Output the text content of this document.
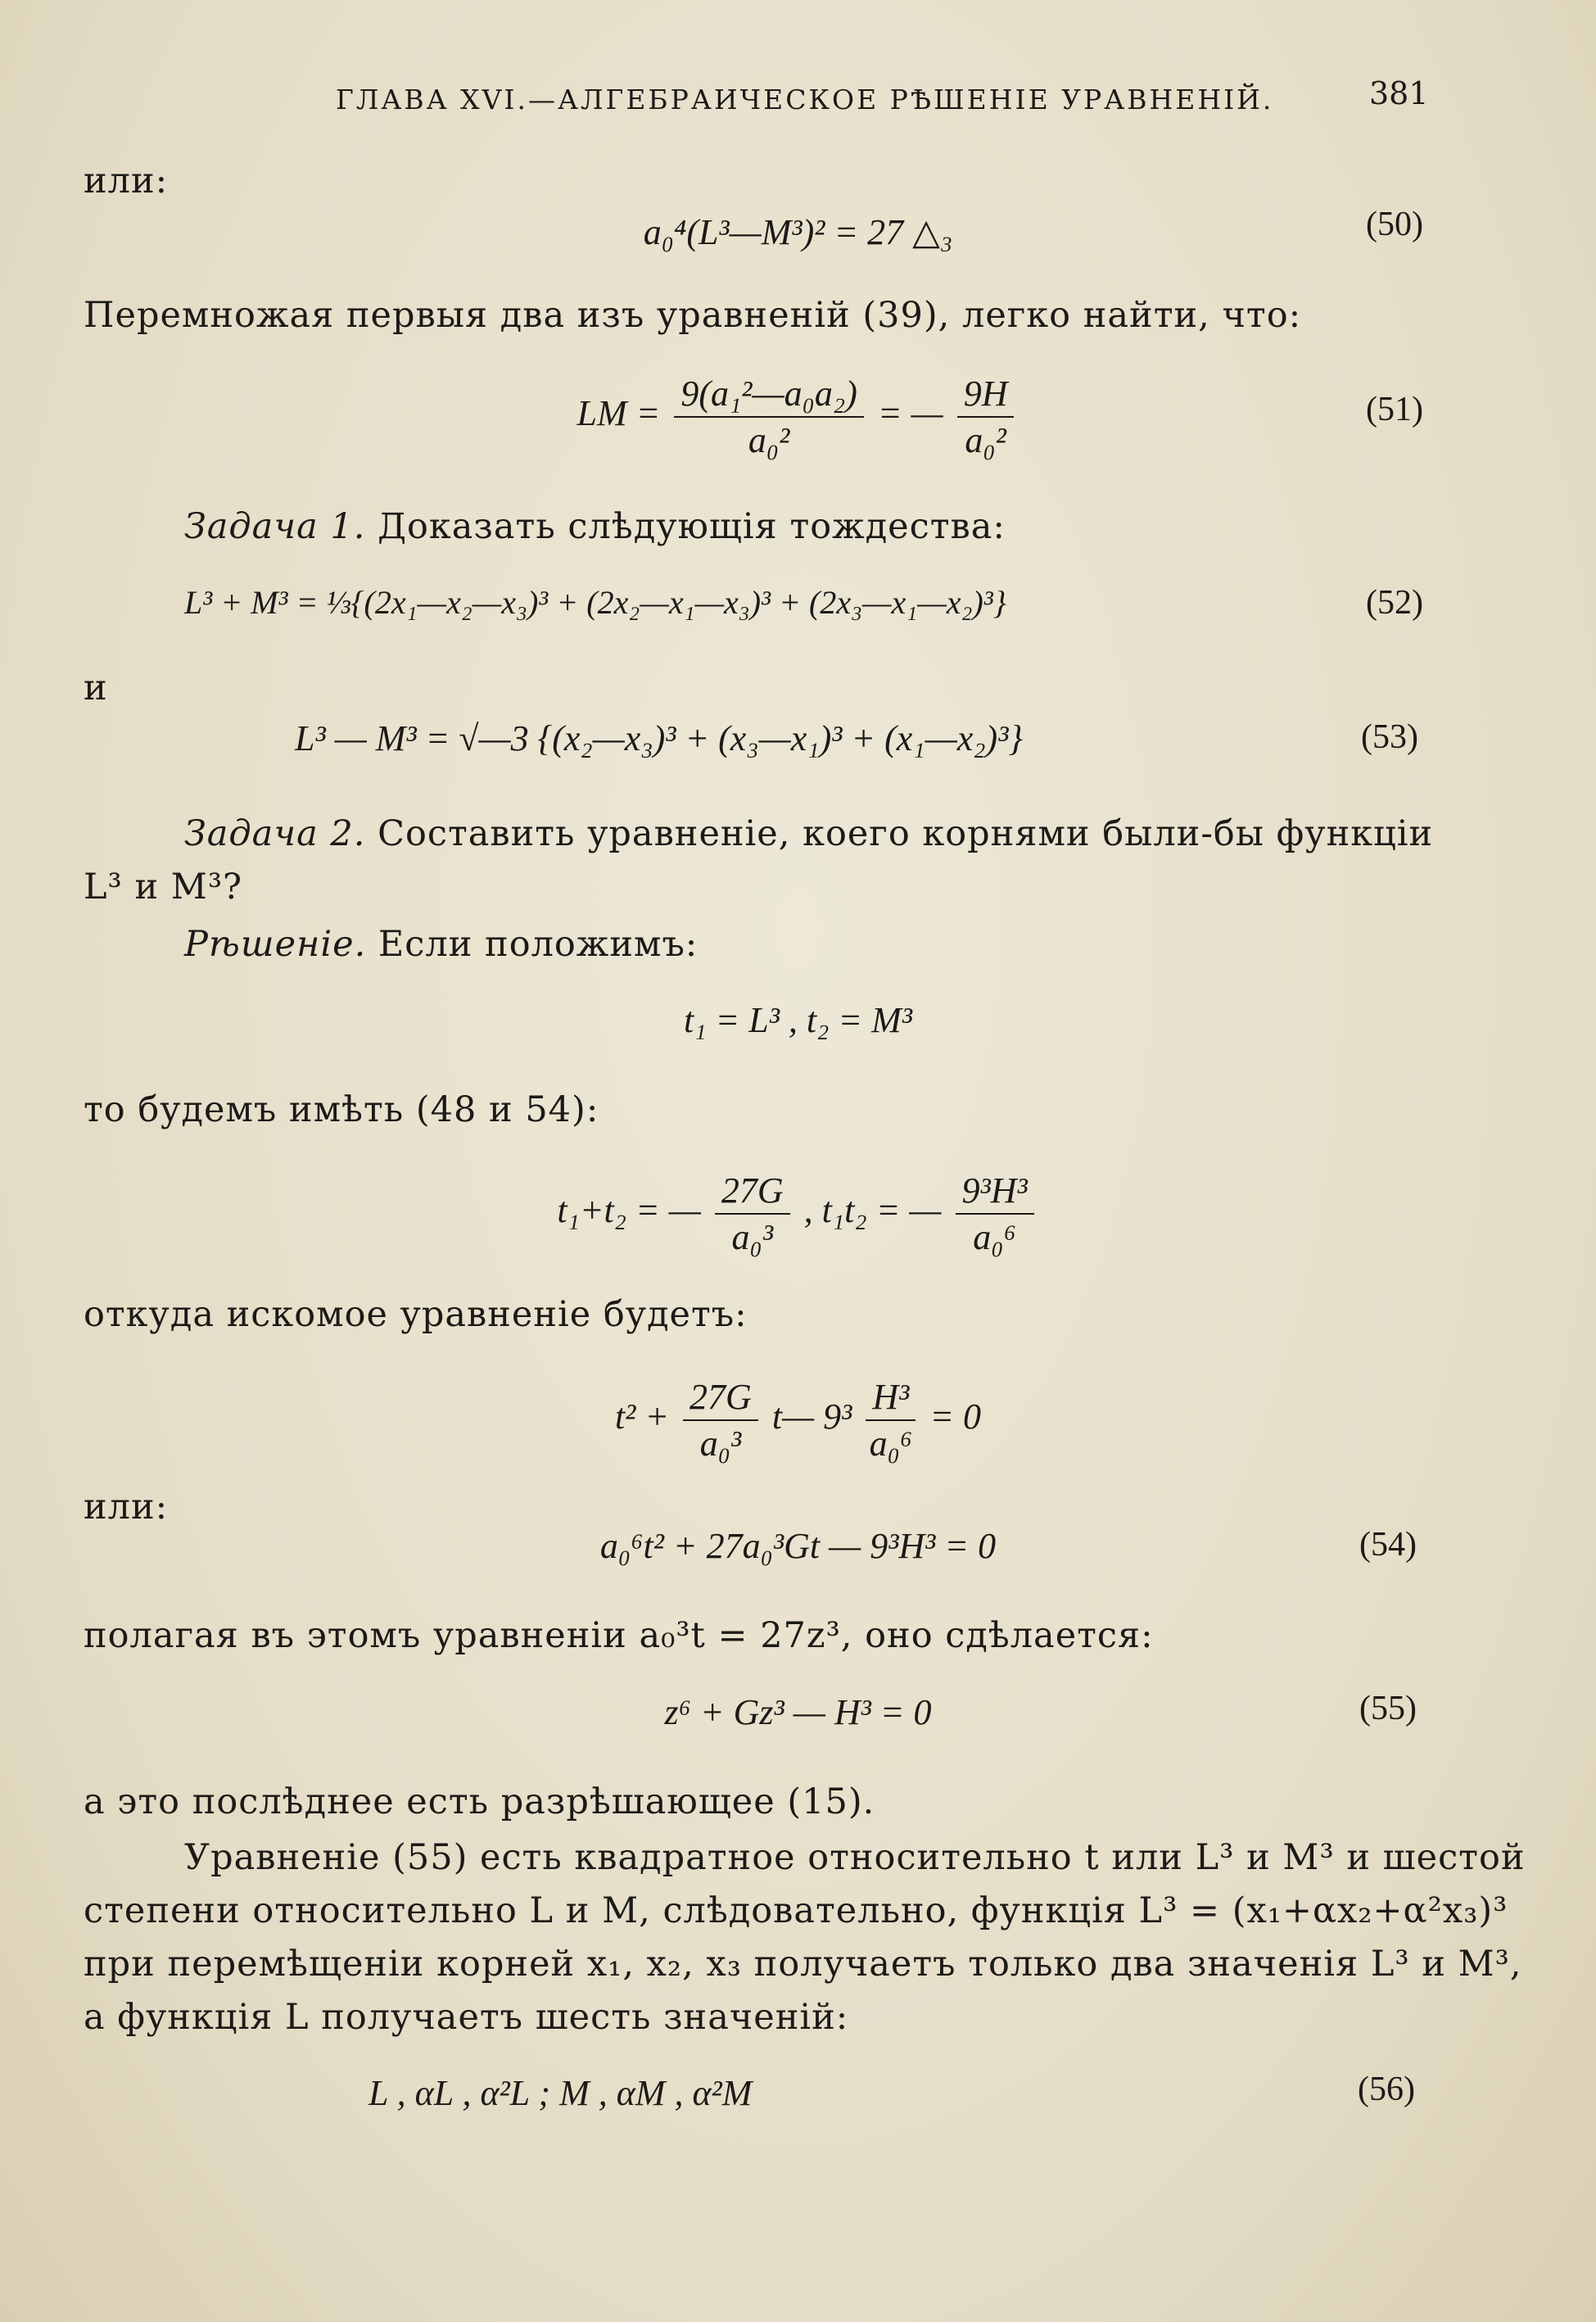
ГЛАВА XVI.—АЛГЕБРАИЧЕСКОЕ РѢШЕНІЕ УРАВНЕНІЙ.	381
или:
a₀⁴(L³—M³)² = 27 △₃	(50)
Перемножая первыя два изъ уравненій (39), легко найти, что:
LM = $\frac{\text{9(a₁²—a₀a₂)}}{\text{a₀²}}$ = — $\frac{9H}{\text{a₀²}}$	(51)
Задача 1. Доказать слѣдующія тождества:
L³ + M³ = ⅓{(2x₁—x₂—x₃)³ + (2x₂—x₁—x₃)³ + (2x₃—x₁—x₂)³}	(52)
и
L³ — M³ = √—3 {(x₂—x₃)³ + (x₃—x₁)³ + (x₁—x₂)³}	(53)
Задача 2. Составить уравненіе, коего корнями были-бы функціи
L³ и M³?
Рѣшеніе. Если положимъ:
t₁ = L³ , t₂ = M³
то будемъ имѣть (48 и 54):
t₁+t₂ = — $\frac{27G}{\text{a₀³}}$ , t₁t₂ = — $\frac{\text{9³H³}}{\text{a₀⁶}}$
откуда искомое уравненіе будетъ:
$t^2 + \frac{27G}{\text{a₀³}}$ t— $9^3 \frac{\text{H³}}{\text{a₀⁶}} = 0$
или:
a₀⁶t² + 27a₀³Gt — 9³H³ = 0	(54)
полагая въ этомъ уравненіи a₀³t = 27z³, оно сдѣлается:
z⁶ + Gz³ — H³ = 0	(55)
а это послѣднее есть разрѣшающее (15).
Уравненіе (55) есть квадратное относительно t или L³ и M³ и шестой
степени относительно L и M, слѣдовательно, функція L³ = (x₁+αx₂+α²x₃)³
при перемѣщеніи корней x₁, x₂, x₃ получаетъ только два значенія L³ и M³,
а функція L получаетъ шесть значеній:
L , αL , α²L ; M , αM , α²M	(56)
